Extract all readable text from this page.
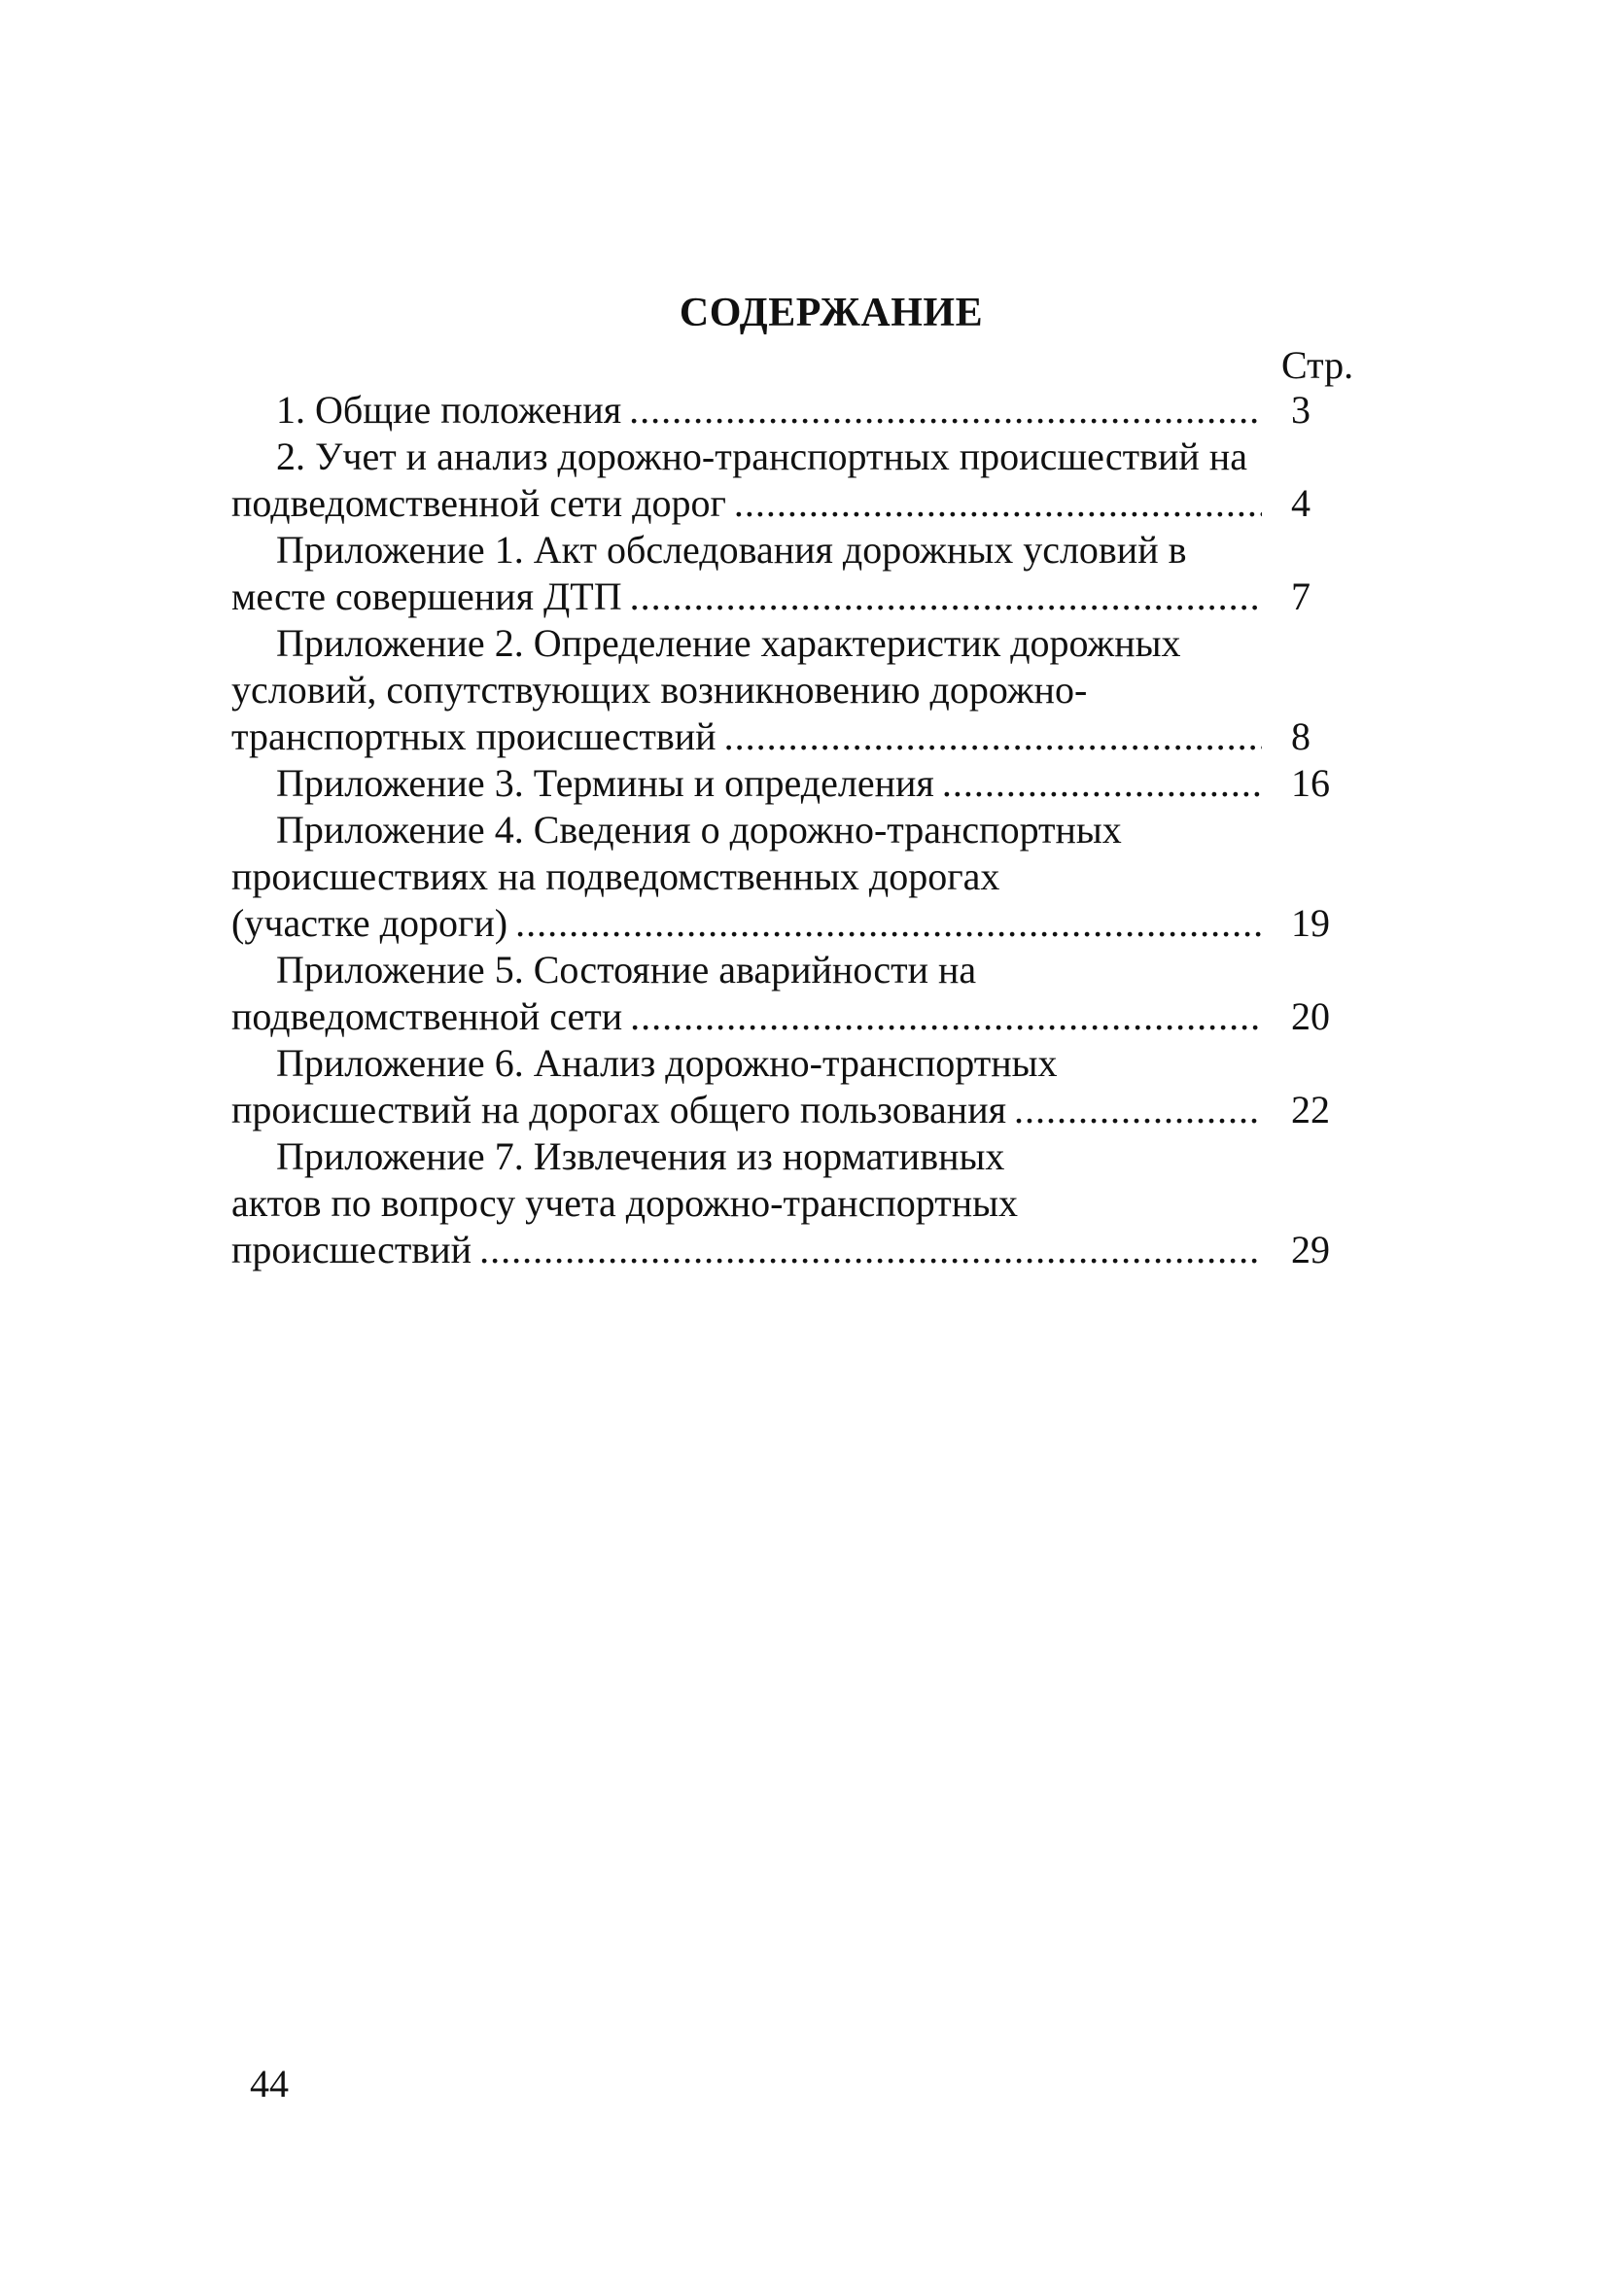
СОДЕРЖАНИЕ
Стр.
1. Общие положения .....	3
2. Учет и анализ дорожно-транспортных происшествий на
подведомственной сети дорог .....	4
Приложение 1. Акт обследования дорожных условий в
месте совершения ДТП .....	7
Приложение 2. Определение характеристик дорожных
условий, сопутствующих возникновению дорожно-
транспортных происшествий .....	8
Приложение 3. Термины и определения .....	16
Приложение 4. Сведения о дорожно-транспортных
происшествиях на подведомственных дорогах
(участке дороги) .....	19
Приложение 5. Состояние аварийности на
подведомственной сети .....	20
Приложение 6. Анализ дорожно-транспортных
происшествий на дорогах общего пользования .....	22
Приложение 7. Извлечения из нормативных
актов по вопросу учета дорожно-транспортных
происшествий .....	29
44
